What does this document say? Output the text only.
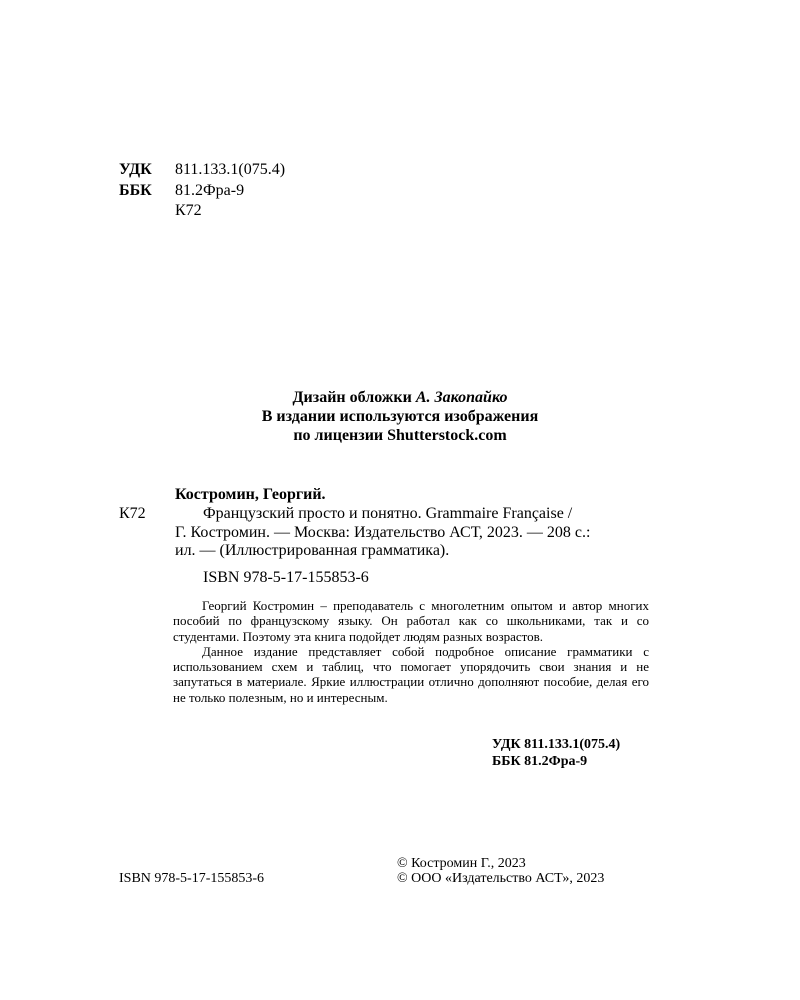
УДК 811.133.1(075.4)
ББК 81.2Фра-9
К72
Дизайн обложки А. Закопайко
В издании используются изображения
по лицензии Shutterstock.com
Костромин, Георгий.
К72	Французский просто и понятно. Grammaire Française /
Г. Костромин. — Москва: Издательство АСТ, 2023. — 208 с.:
ил. — (Иллюстрированная грамматика).
ISBN 978-5-17-155853-6

Георгий Костромин – преподаватель с многолетним опытом и автор многих пособий по французскому языку. Он работал как со школьниками, так и со студентами. Поэтому эта книга подойдет людям разных возрастов.

Данное издание представляет собой подробное описание грамматики с использованием схем и таблиц, что помогает упорядочить свои знания и не запутаться в материале. Яркие иллюстрации отлично дополняют пособие, делая его не только полезным, но и интересным.

УДК 811.133.1(075.4)
ББК 81.2Фра-9
ISBN 978-5-17-155853-6
© Костромин Г., 2023
© ООО «Издательство АСТ», 2023
